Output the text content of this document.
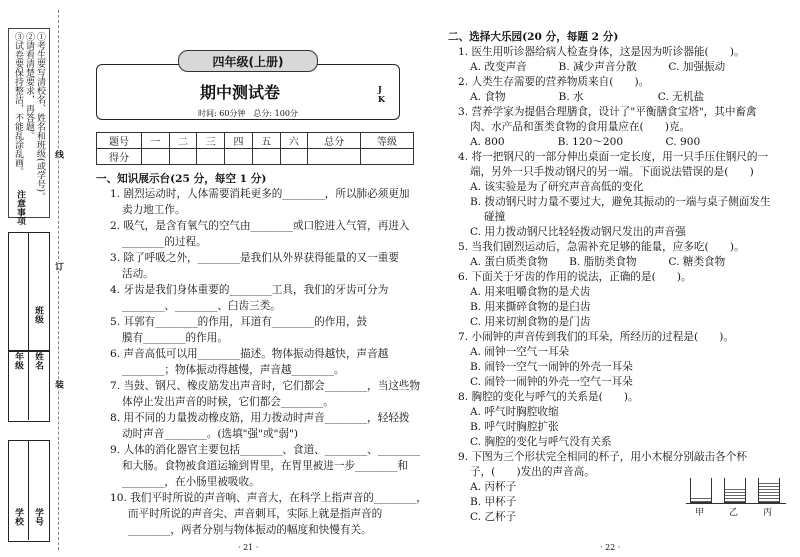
①考生要写清校名、姓名和班级(或学号)。
②请看清楚要求，再答题。
③试卷要保持整洁，不能乱涂乱画。
注意事项
线
订
装
班级
年级 姓名
学校 学号
四年级(上册)
期中测试卷
时间: 60分钟　总分: 100分
J K
题号	一	二	三	四	五	六	总分	等级
得分								
一、知识展示台(25 分，每空 1 分)
1. 剧烈运动时，人体需要消耗更多的________，所以肺必须更加
卖力地工作。
2. 吸气，是含有氧气的空气由________或口腔进入气管，再进入
________的过程。
3. 除了呼吸之外，________是我们从外界获得能量的又一重要
活动。
4. 牙齿是我们身体重要的________工具，我们的牙齿可分为
________、________、臼齿三类。
5. 耳郭有________的作用，耳道有________的作用，鼓
膜有________的作用。
6. 声音高低可以用________描述。物体振动得越快，声音越
________；物体振动得越慢，声音越________。
7. 当鼓、钢尺、橡皮筋发出声音时，它们都会________，当这些物
体停止发出声音的时候，它们都会________。
8. 用不同的力量拨动橡皮筋，用力拨动时声音________，轻轻拨
动时声音________。(选填"强"或"弱")
9. 人体的消化器官主要包括________、食道、________、________
和大肠。食物被食道运输到胃里，在胃里被进一步________和
________，在小肠里被吸收。
10. 我们平时所说的声音响、声音大，在科学上指声音的________，
而平时所说的声音尖、声音刺耳，实际上就是指声音的
________，两者分别与物体振动的幅度和快慢有关。
· 21 ·
二、选择大乐园(20 分，每题 2 分)
1. 医生用听诊器给病人检查身体，这是因为听诊器能(　　)。
A. 改变声音　　　B. 减少声音分散　　　C. 加强振动
2. 人类生存需要的营养物质来自(　　)。
A. 食物　　　　　B. 水　　　　　　　C. 无机盐
3. 营养学家为提倡合理膳食，设计了"平衡膳食宝塔"，其中畜禽
肉、水产品和蛋类食物的食用量应在(　　)克。
A. 800　　　　　B. 120～200　　　　C. 900
4. 将一把钢尺的一部分伸出桌面一定长度，用一只手压住钢尺的一
端，另外一只手拨动钢尺的另一端。下面说法错误的是(　　)
A. 该实验是为了研究声音高低的变化
B. 拨动钢尺时力量不要过大，避免其振动的一端与桌子侧面发生
碰撞
C. 用力拨动钢尺比轻轻拨动钢尺发出的声音强
5. 当我们剧烈运动后，急需补充足够的能量，应多吃(　　)。
A. 蛋白质类食物　　B. 脂肪类食物　　　C. 糖类食物
6. 下面关于牙齿的作用的说法，正确的是(　　)。
A. 用来咀嚼食物的是犬齿
B. 用来撕碎食物的是臼齿
C. 用来切割食物的是门齿
7. 小闹钟的声音传到我们的耳朵，所经历的过程是(　　)。
A. 闹钟一空气一耳朵
B. 闹铃一空气一闹钟的外壳一耳朵
C. 闹铃一闹钟的外壳一空气一耳朵
8. 胸腔的变化与呼气的关系是(　　)。
A. 呼气时胸腔收缩
B. 呼气时胸腔扩张
C. 胸腔的变化与呼气没有关系
9. 下图为三个形状完全相同的杯子，用小木棍分别敲击各个杯
子，(　　)发出的声音高。
A. 丙杯子
B. 甲杯子
C. 乙杯子	甲	乙	丙
· 22 ·
